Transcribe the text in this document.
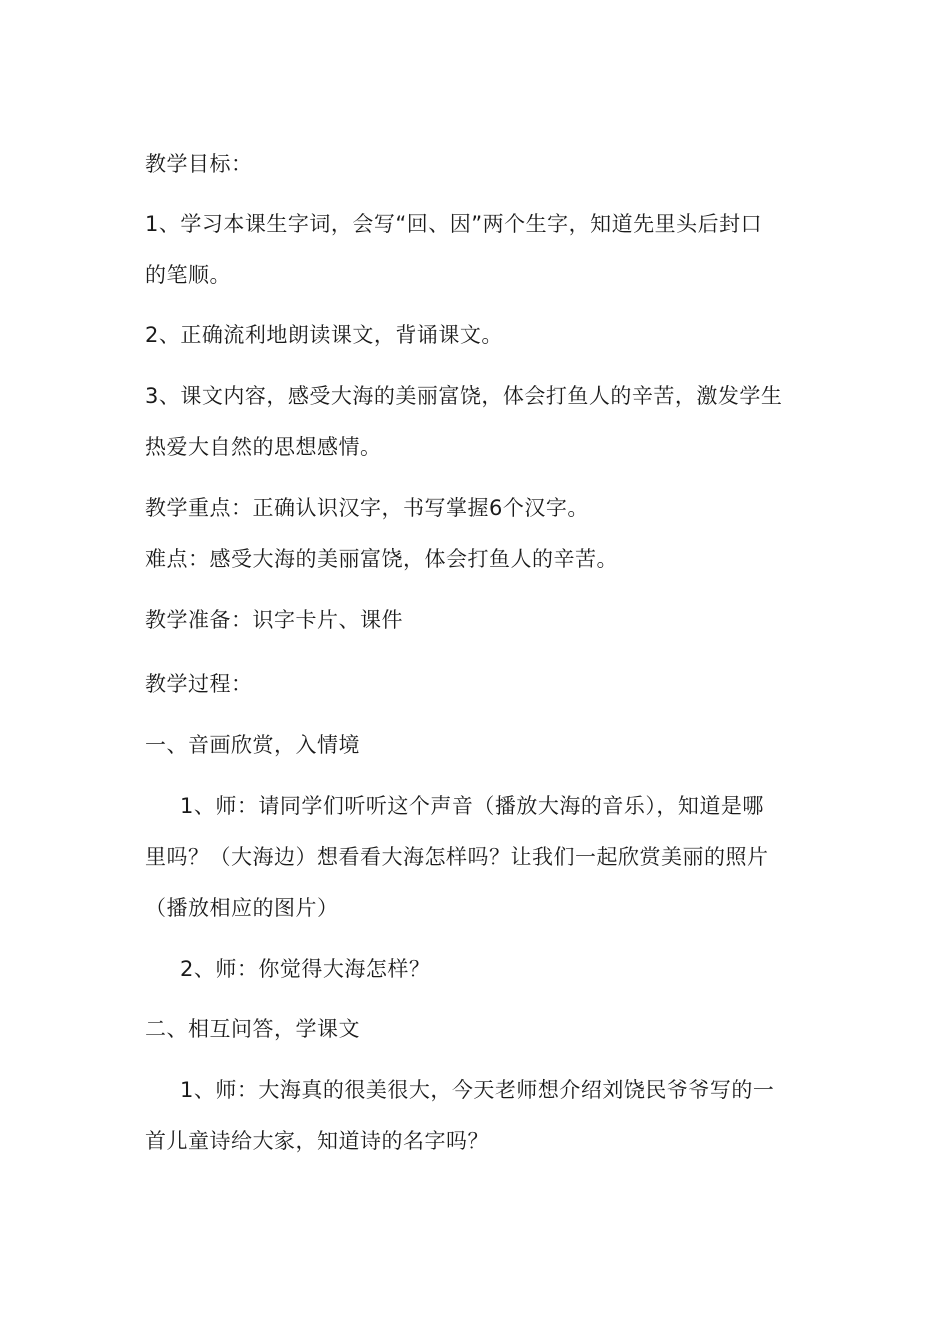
教学目标：
1、学习本课生字词，会写“回、因”两个生字，知道先里头后封口
的笔顺。
2、正确流利地朗读课文，背诵课文。
3、课文内容，感受大海的美丽富饶，体会打鱼人的辛苦，激发学生
热爱大自然的思想感情。
教学重点：正确认识汉字，书写掌握6个汉字。
难点：感受大海的美丽富饶，体会打鱼人的辛苦。
教学准备：识字卡片、课件
教学过程：
一、音画欣赏，入情境
1、师：请同学们听听这个声音（播放大海的音乐），知道是哪
里吗？（大海边）想看看大海怎样吗？让我们一起欣赏美丽的照片
（播放相应的图片）
2、师：你觉得大海怎样？
二、相互问答，学课文
1、师：大海真的很美很大，今天老师想介绍刘饶民爷爷写的一
首儿童诗给大家，知道诗的名字吗？
